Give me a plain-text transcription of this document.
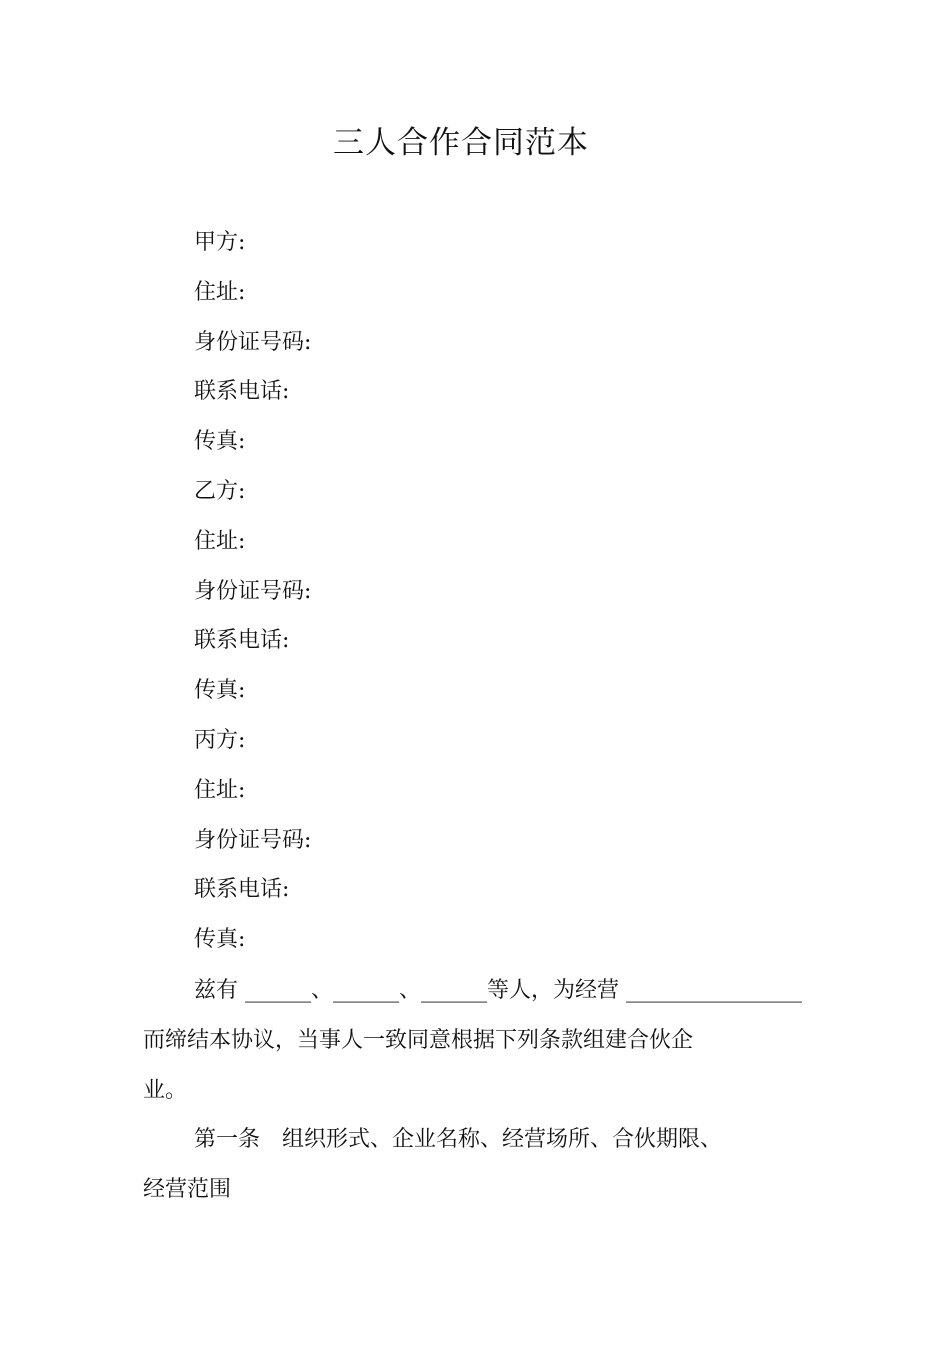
三人合作合同范本
甲方:
住址:
身份证号码:
联系电话:
传真:
乙方:
住址:
身份证号码:
联系电话:
传真:
丙方:
住址:
身份证号码:
联系电话:
传真:
兹有 ______、______、______等人，为经营 ________________
而缔结本协议，当事人一致同意根据下列条款组建合伙企
业。
第一条　组织形式、企业名称、经营场所、合伙期限、
经营范围
